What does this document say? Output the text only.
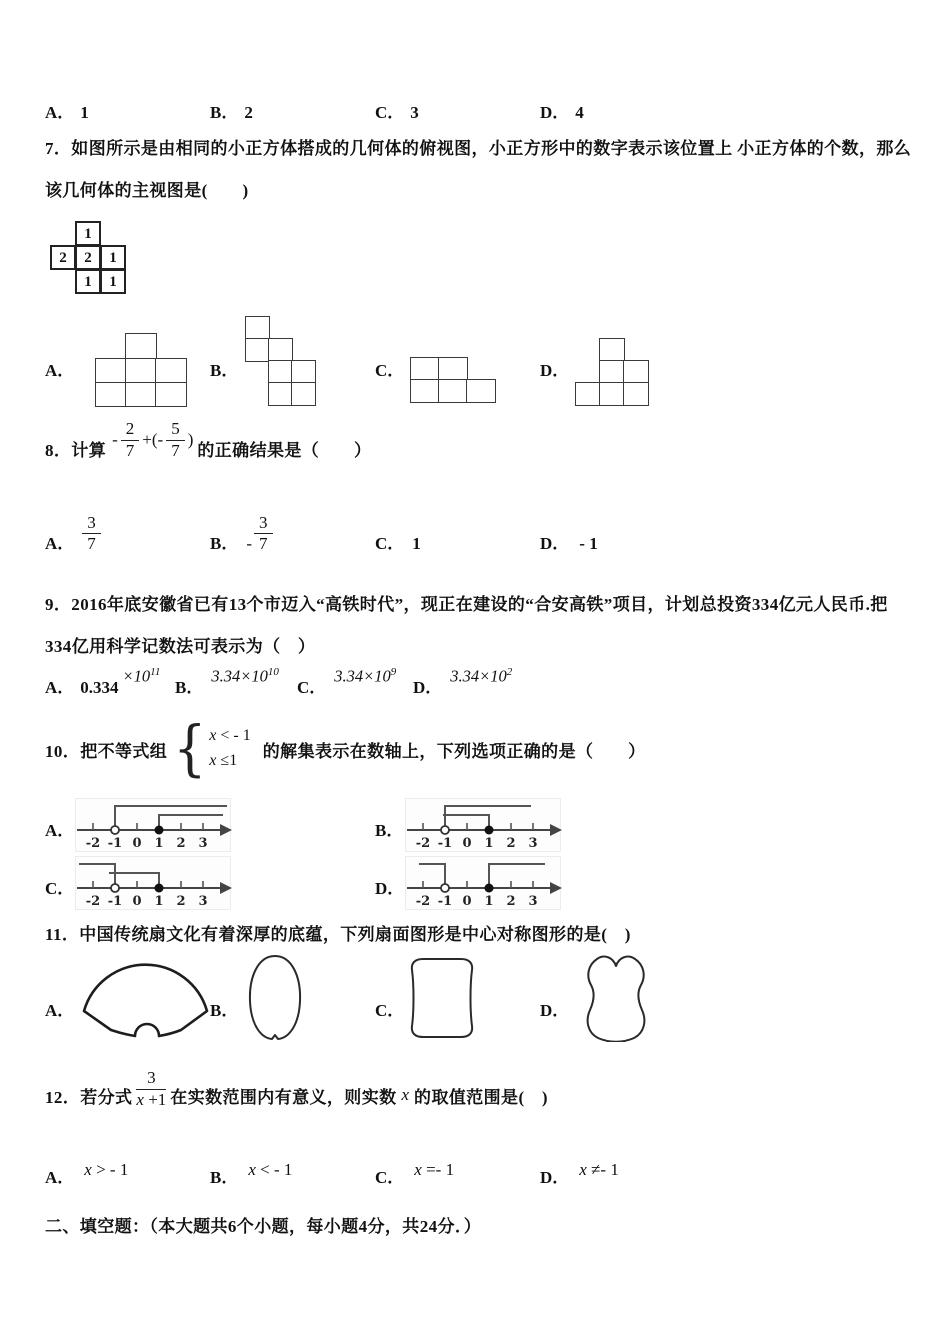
A． 1	B． 2	C． 3	D． 4
7．如图所示是由相同的小正方体搭成的几何体的俯视图，小正方形中的数字表示该位置上 小正方体的个数，那么
该几何体的主视图是(　　)
1
2	2	1
1	1
A．	B．	C．	D．
8．计算
- $\frac{2}{7}$ +(- $\frac{5}{7}$ )
的正确结果是（　　）
A． $\frac{3}{7}$	B． - $\frac{3}{7}$	C． 1	D． - 1
9．2016年底安徽省已有13个市迈入“高铁时代”，现正在建设的“合安高铁”项目，计划总投资334亿元人民币.把
334亿用科学记数法可表示为（　）
A． 0.334
$\times 10^{11}$
B．
$3.34\times 10^{10}$
C．
$3.34\times 10^9$
D．
$3.34\times 10^2$
10．把不等式组 { x < - 1
x ≤1	的解集表示在数轴上，下列选项正确的是（　　）
A．	B．
C．	D．
-2 -1 0 1 2 3	-2 -1 0 1 2 3
-2 -1 0 1 2 3	-2 -1 0 1 2 3
11．中国传统扇文化有着深厚的底蕴，下列扇面图形是中心对称图形的是(　)
A．	B．	C．	D．
12．若分式 $\frac{3}{x +1}$ 在实数范围内有意义，则实数 x 的取值范围是(　)
A． x > - 1	B． x < - 1	C． x =- 1	D． x ≠- 1
二、填空题：（本大题共6个小题，每小题4分，共24分．）
